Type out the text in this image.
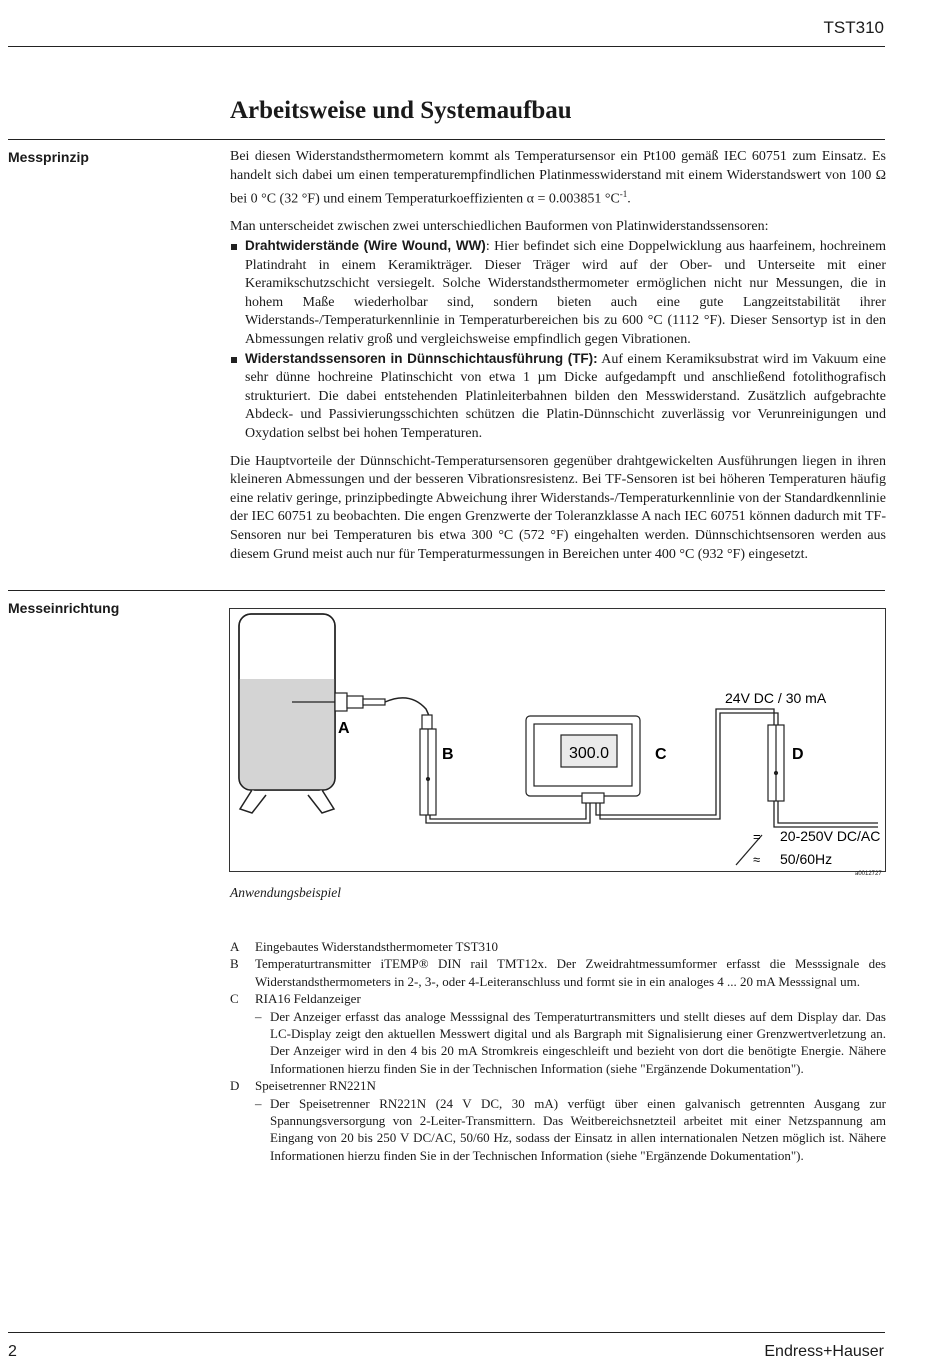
TST310
Arbeitsweise und Systemaufbau
Messprinzip	Bei diesen Widerstandsthermometern kommt als Temperatursensor ein Pt100 gemäß IEC 60751 zum Einsatz. Es handelt sich dabei um einen temperaturempfindlichen Platinmesswiderstand mit einem Widerstandswert von 100 Ω bei 0 °C (32 °F) und einem Temperaturkoeffizienten α = 0.003851 $^\circ C^{-1}$.

Man unterscheidet zwischen zwei unterschiedlichen Bauformen von Platinwiderstandssensoren:

Drahtwiderstände (Wire Wound, WW): Hier befindet sich eine Doppelwicklung aus haarfeinem, hochreinem Platindraht in einem Keramikträger. Dieser Träger wird auf der Ober- und Unterseite mit einer Keramikschutzschicht versiegelt. Solche Widerstandsthermometer ermöglichen nicht nur Messungen, die in hohem Maße wiederholbar sind, sondern bieten auch eine gute Langzeitstabilität ihrer Widerstands-/Temperaturkennlinie in Temperaturbereichen bis zu 600 °C (1112 °F). Dieser Sensortyp ist in den Abmessungen relativ groß und vergleichsweise empfindlich gegen Vibrationen.
Widerstandssensoren in Dünnschichtausführung (TF): Auf einem Keramiksubstrat wird im Vakuum eine sehr dünne hochreine Platinschicht von etwa 1 µm Dicke aufgedampft und anschließend fotolithografisch strukturiert. Die dabei entstehenden Platinleiterbahnen bilden den Messwiderstand. Zusätzlich aufgebrachte Abdeck- und Passivierungsschichten schützen die Platin-Dünnschicht zuverlässig vor Verunreinigungen und Oxydation selbst bei hohen Temperaturen.

Die Hauptvorteile der Dünnschicht-Temperatursensoren gegenüber drahtgewickelten Ausführungen liegen in ihren kleineren Abmessungen und der besseren Vibrationsresistenz. Bei TF-Sensoren ist bei höheren Temperaturen häufig eine relativ geringe, prinzipbedingte Abweichung ihrer Widerstands-/Temperaturkennlinie von der Standardkennlinie der IEC 60751 zu beobachten. Die engen Grenzwerte der Toleranzklasse A nach IEC 60751 können dadurch mit TF-Sensoren nur bei Temperaturen bis etwa 300 °C (572 °F) eingehalten werden. Dünnschichtsensoren werden aus diesem Grund meist auch nur für Temperaturmessungen in Bereichen unter 400 °C (932 °F) eingesetzt.

Messeinrichtung
A
B	300.0	C	D
24V DC / 30 mA
=
≈
20-250V DC/AC
50/60Hz
a0012727
Anwendungsbeispiel
A Eingebautes Widerstandsthermometer TST310
B Temperaturtransmitter iTEMP® DIN rail TMT12x. Der Zweidrahtmessumformer erfasst die Messsignale des Widerstandsthermometers in 2-, 3-, oder 4-Leiteranschluss und formt sie in ein analoges 4 ... 20 mA Messsignal um.
C RIA16 Feldanzeiger
– Der Anzeiger erfasst das analoge Messsignal des Temperaturtransmitters und stellt dieses auf dem Display dar. Das LC-Display zeigt den aktuellen Messwert digital und als Bargraph mit Signalisierung einer Grenzwertverletzung an. Der Anzeiger wird in den 4 bis 20 mA Stromkreis eingeschleift und bezieht von dort die benötigte Energie. Nähere Informationen hierzu finden Sie in der Technischen Information (siehe "Ergänzende Dokumentation").
D Speisetrenner RN221N
– Der Speisetrenner RN221N (24 V DC, 30 mA) verfügt über einen galvanisch getrennten Ausgang zur Spannungsversorgung von 2-Leiter-Transmittern. Das Weitbereichsnetzteil arbeitet mit einer Netzspannung am Eingang von 20 bis 250 V DC/AC, 50/60 Hz, sodass der Einsatz in allen internationalen Netzen möglich ist. Nähere Informationen hierzu finden Sie in der Technischen Information (siehe "Ergänzende Dokumentation").
2	Endress+Hauser
